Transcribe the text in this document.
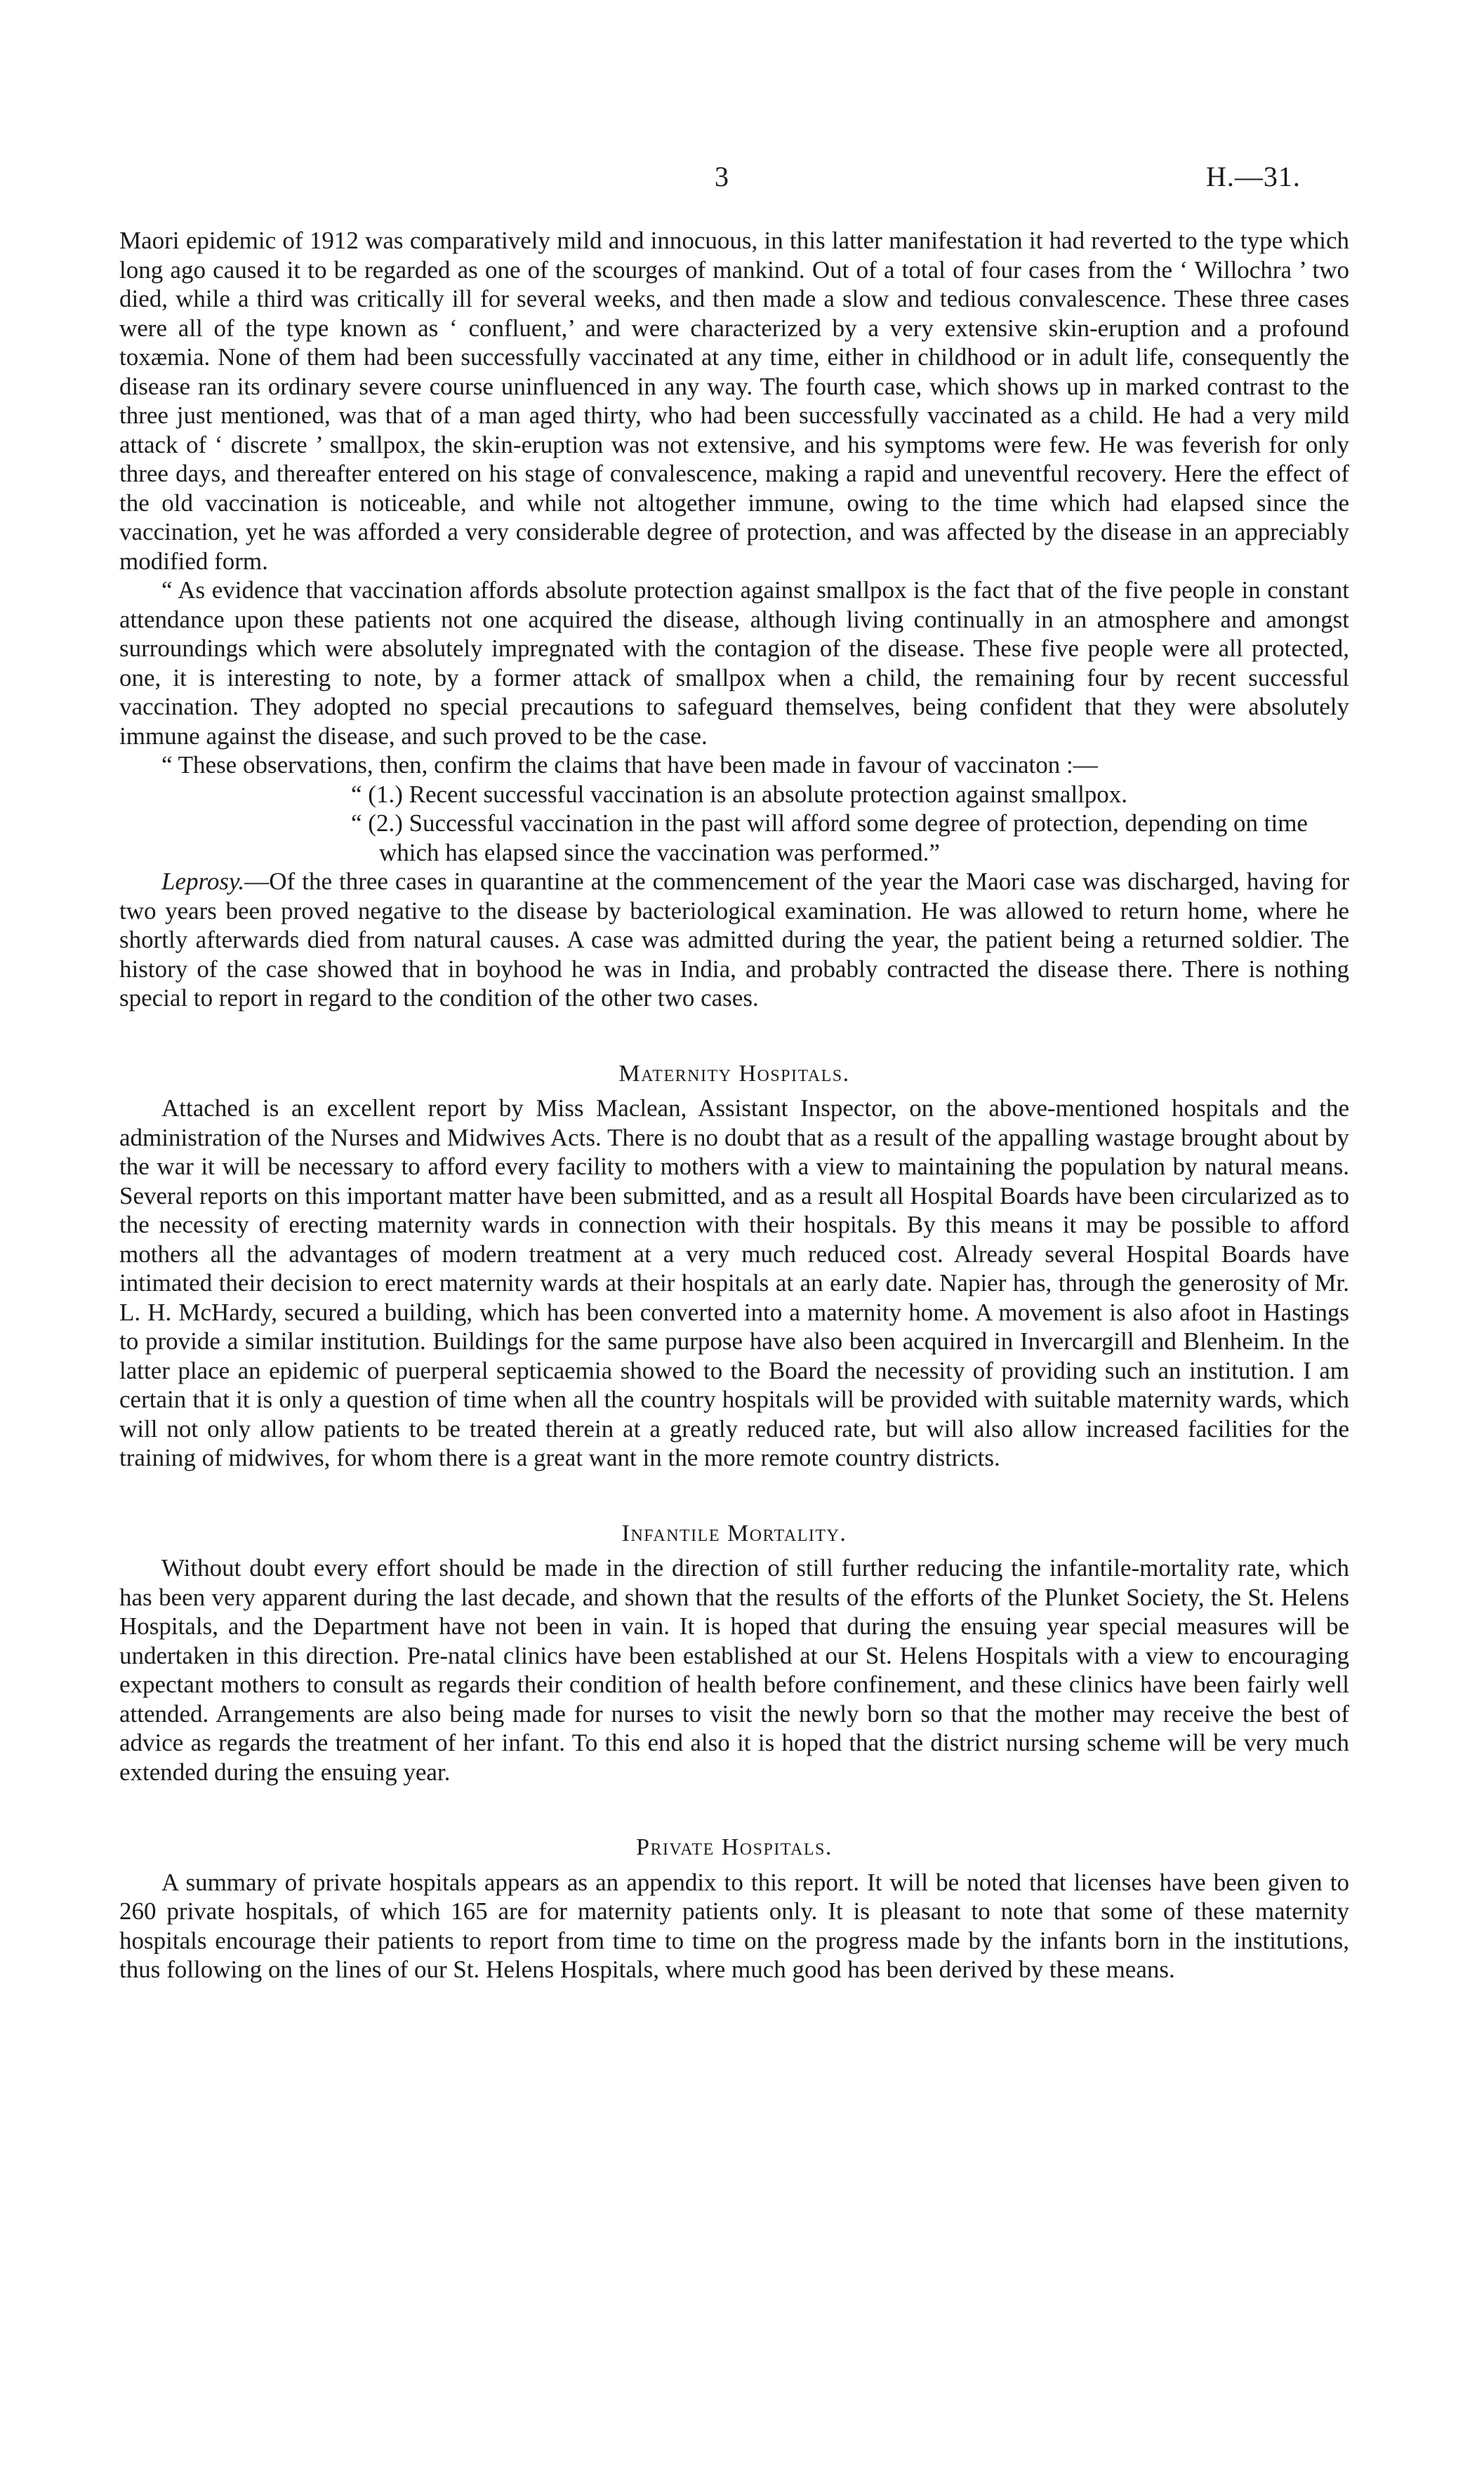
3	H.—31.

Maori epidemic of 1912 was comparatively mild and innocuous, in this latter manifestation it had reverted to the type which long ago caused it to be regarded as one of the scourges of mankind. Out of a total of four cases from the ‘ Willochra ’ two died, while a third was critically ill for several weeks, and then made a slow and tedious convalescence. These three cases were all of the type known as ‘ confluent,’ and were characterized by a very extensive skin-eruption and a profound toxæmia. None of them had been successfully vaccinated at any time, either in childhood or in adult life, consequently the disease ran its ordinary severe course uninfluenced in any way. The fourth case, which shows up in marked contrast to the three just mentioned, was that of a man aged thirty, who had been successfully vaccinated as a child. He had a very mild attack of ‘ discrete ’ smallpox, the skin-eruption was not extensive, and his symptoms were few. He was feverish for only three days, and thereafter entered on his stage of convalescence, making a rapid and uneventful recovery. Here the effect of the old vaccination is noticeable, and while not altogether immune, owing to the time which had elapsed since the vaccination, yet he was afforded a very considerable degree of protection, and was affected by the disease in an appreciably modified form.

“ As evidence that vaccination affords absolute protection against smallpox is the fact that of the five people in constant attendance upon these patients not one acquired the disease, although living continually in an atmosphere and amongst surroundings which were absolutely impregnated with the contagion of the disease. These five people were all protected, one, it is interesting to note, by a former attack of smallpox when a child, the remaining four by recent successful vaccination. They adopted no special precautions to safeguard themselves, being confident that they were absolutely immune against the disease, and such proved to be the case.

“ These observations, then, confirm the claims that have been made in favour of vaccinaton :—

“ (1.) Recent successful vaccination is an absolute protection against smallpox.

“ (2.) Successful vaccination in the past will afford some degree of protection, depending on time which has elapsed since the vaccination was performed.”

Leprosy.—Of the three cases in quarantine at the commencement of the year the Maori case was discharged, having for two years been proved negative to the disease by bacteriological examination. He was allowed to return home, where he shortly afterwards died from natural causes. A case was admitted during the year, the patient being a returned soldier. The history of the case showed that in boyhood he was in India, and probably contracted the disease there. There is nothing special to report in regard to the condition of the other two cases.

Maternity Hospitals.

Attached is an excellent report by Miss Maclean, Assistant Inspector, on the above-mentioned hospitals and the administration of the Nurses and Midwives Acts. There is no doubt that as a result of the appalling wastage brought about by the war it will be necessary to afford every facility to mothers with a view to maintaining the population by natural means. Several reports on this important matter have been submitted, and as a result all Hospital Boards have been circularized as to the necessity of erecting maternity wards in connection with their hospitals. By this means it may be possible to afford mothers all the advantages of modern treatment at a very much reduced cost. Already several Hospital Boards have intimated their decision to erect maternity wards at their hospitals at an early date. Napier has, through the generosity of Mr. L. H. McHardy, secured a building, which has been converted into a maternity home. A movement is also afoot in Hastings to provide a similar institution. Buildings for the same purpose have also been acquired in Invercargill and Blenheim. In the latter place an epidemic of puerperal septicaemia showed to the Board the necessity of providing such an institution. I am certain that it is only a question of time when all the country hospitals will be provided with suitable maternity wards, which will not only allow patients to be treated therein at a greatly reduced rate, but will also allow increased facilities for the training of midwives, for whom there is a great want in the more remote country districts.

Infantile Mortality.

Without doubt every effort should be made in the direction of still further reducing the infantile-mortality rate, which has been very apparent during the last decade, and shown that the results of the efforts of the Plunket Society, the St. Helens Hospitals, and the Department have not been in vain. It is hoped that during the ensuing year special measures will be undertaken in this direction. Pre-natal clinics have been established at our St. Helens Hospitals with a view to encouraging expectant mothers to consult as regards their condition of health before confinement, and these clinics have been fairly well attended. Arrangements are also being made for nurses to visit the newly born so that the mother may receive the best of advice as regards the treatment of her infant. To this end also it is hoped that the district nursing scheme will be very much extended during the ensuing year.

Private Hospitals.

A summary of private hospitals appears as an appendix to this report. It will be noted that licenses have been given to 260 private hospitals, of which 165 are for maternity patients only. It is pleasant to note that some of these maternity hospitals encourage their patients to report from time to time on the progress made by the infants born in the institutions, thus following on the lines of our St. Helens Hospitals, where much good has been derived by these means.
